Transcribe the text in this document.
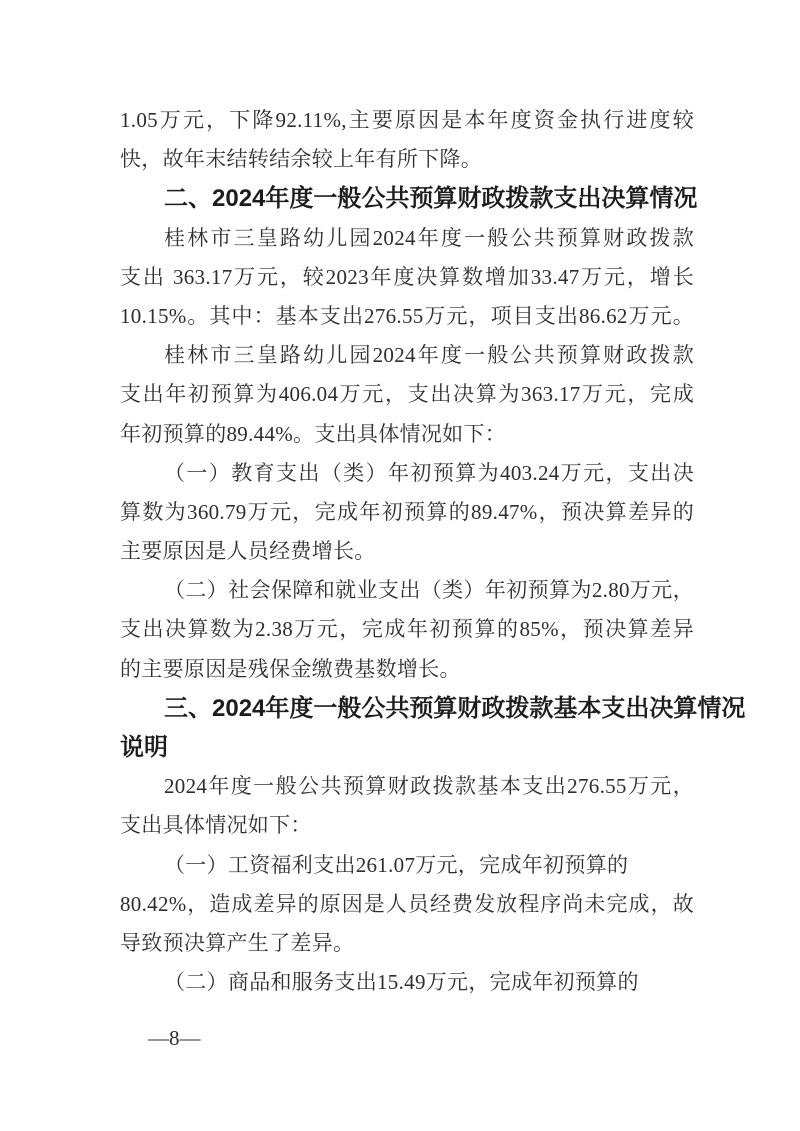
1.05万元，下降92.11%,主要原因是本年度资金执行进度较
快，故年末结转结余较上年有所下降。
二、2024年度一般公共预算财政拨款支出决算情况
桂林市三皇路幼儿园2024年度一般公共预算财政拨款
支出 363.17万元，较2023年度决算数增加33.47万元，增长
10.15%。其中：基本支出276.55万元，项目支出86.62万元。
桂林市三皇路幼儿园2024年度一般公共预算财政拨款
支出年初预算为406.04万元，支出决算为363.17万元，完成
年初预算的89.44%。支出具体情况如下：
（一）教育支出（类）年初预算为403.24万元，支出决
算数为360.79万元，完成年初预算的89.47%，预决算差异的
主要原因是人员经费增长。
（二）社会保障和就业支出（类）年初预算为2.80万元，
支出决算数为2.38万元，完成年初预算的85%，预决算差异
的主要原因是残保金缴费基数增长。
三、2024年度一般公共预算财政拨款基本支出决算情况
说明
2024年度一般公共预算财政拨款基本支出276.55万元，
支出具体情况如下：
（一）工资福利支出261.07万元，完成年初预算的
80.42%，造成差异的原因是人员经费发放程序尚未完成，故
导致预决算产生了差异。
（二）商品和服务支出15.49万元，完成年初预算的
—8—
